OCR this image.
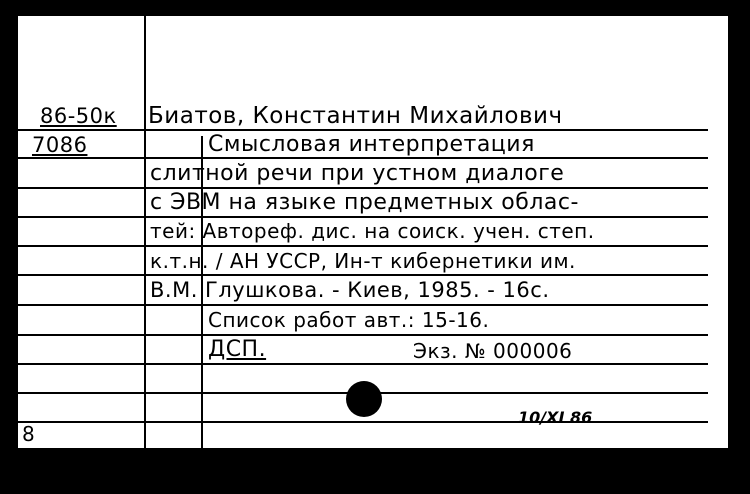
86-50к
7086
Биатов, Константин Михайлович
Смысловая интерпретация
слитной речи при устном диалоге
с ЭВМ на языке предметных облас-
тей: Автореф. дис. на соиск. учен. степ.
к.т.н. / АН УССР, Ин-т кибернетики им.
В.М. Глушкова. - Киев, 1985. - 16с.
Список работ авт.: 15-16.
ДСП.	Экз. № 000006
10/XI 86
8
